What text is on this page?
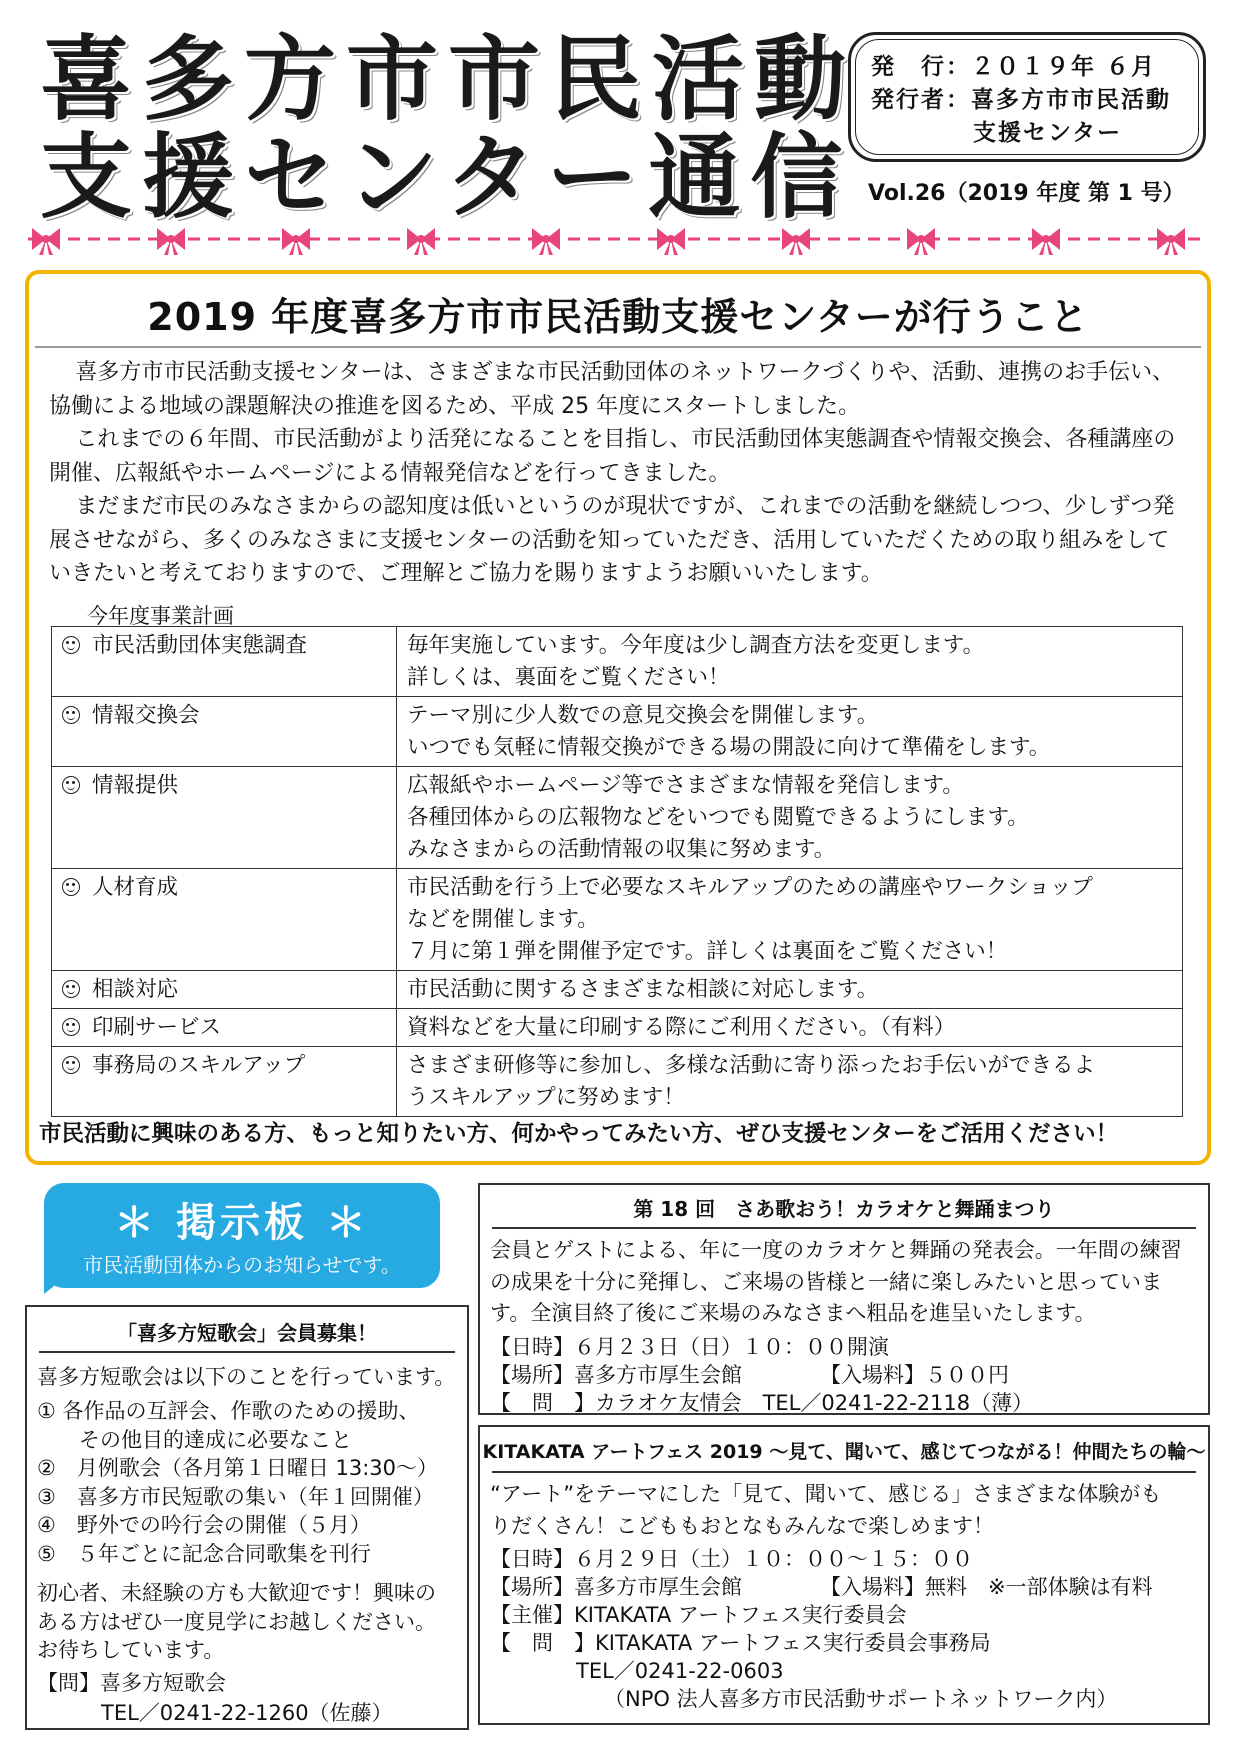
喜多方市市民活動
支援センター通信
発　行：２０１９年 ６月
発行者：喜多方市市民活動
支援センター
Vol.26（2019 年度 第 1 号）
2019 年度喜多方市市民活動支援センターが行うこと

喜多方市市民活動支援センターは、さまざまな市民活動団体のネットワークづくりや、活動、連携のお手伝い、協働による地域の課題解決の推進を図るため、平成 25 年度にスタートしました。

これまでの６年間、市民活動がより活発になることを目指し、市民活動団体実態調査や情報交換会、各種講座の開催、広報紙やホームページによる情報発信などを行ってきました。

まだまだ市民のみなさまからの認知度は低いというのが現状ですが、これまでの活動を継続しつつ、少しずつ発展させながら、多くのみなさまに支援センターの活動を知っていただき、活用していただくための取り組みをしていきたいと考えておりますので、ご理解とご協力を賜りますようお願いいたします。

今年度事業計画
市民活動団体実態調査	毎年実施しています。今年度は少し調査方法を変更します。
詳しくは、裏面をご覧ください！

情報交換会	テーマ別に少人数での意見交換会を開催します。
いつでも気軽に情報交換ができる場の開設に向けて準備をします。

情報提供	広報紙やホームページ等でさまざまな情報を発信します。
各種団体からの広報物などをいつでも閲覧できるようにします。
みなさまからの活動情報の収集に努めます。

人材育成	市民活動を行う上で必要なスキルアップのための講座やワークショップ
などを開催します。
７月に第１弾を開催予定です。詳しくは裏面をご覧ください！

相談対応	市民活動に関するさまざまな相談に対応します。

印刷サービス	資料などを大量に印刷する際にご利用ください。（有料）

事務局のスキルアップ	さまざま研修等に参加し、多様な活動に寄り添ったお手伝いができるよ
うスキルアップに努めます！
市民活動に興味のある方、もっと知りたい方、何かやってみたい方、ぜひ支援センターをご活用ください！
＊ 掲示板 ＊
市民活動団体からのお知らせです。
「喜多方短歌会」会員募集！
喜多方短歌会は以下のことを行っています。
① 各作品の互評会、作歌のための援助、
　　その他目的達成に必要なこと
②　月例歌会（各月第１日曜日 13:30～）
③　喜多方市民短歌の集い（年１回開催）
④　野外での吟行会の開催（５月）
⑤　５年ごとに記念合同歌集を刊行
初心者、未経験の方も大歓迎です！興味の
ある方はぜひ一度見学にお越しください。
お待ちしています。
【問】喜多方短歌会
TEL／0241-22-1260（佐藤）
第 18 回　さあ歌おう！カラオケと舞踊まつり
会員とゲストによる、年に一度のカラオケと舞踊の発表会。一年間の練習
の成果を十分に発揮し、ご来場の皆様と一緒に楽しみたいと思っていま
す。全演目終了後にご来場のみなさまへ粗品を進呈いたします。
【日時】６月２３日（日）１０：００開演
【場所】喜多方市厚生会館	【入場料】５００円
【　問　】カラオケ友情会　TEL／0241-22-2118（薄）
KITAKATA アートフェス 2019 ～見て、聞いて、感じてつながる！仲間たちの輪～
“アート”をテーマにした「見て、聞いて、感じる」さまざまな体験がも
りだくさん！こどももおとなもみんなで楽しめます！
【日時】６月２９日（土）１０：００～１５：００
【場所】喜多方市厚生会館	【入場料】無料　※一部体験は有料
【主催】KITAKATA アートフェス実行委員会
【　問　】KITAKATA アートフェス実行委員会事務局
TEL／0241-22-0603
（NPO 法人喜多方市民活動サポートネットワーク内）
